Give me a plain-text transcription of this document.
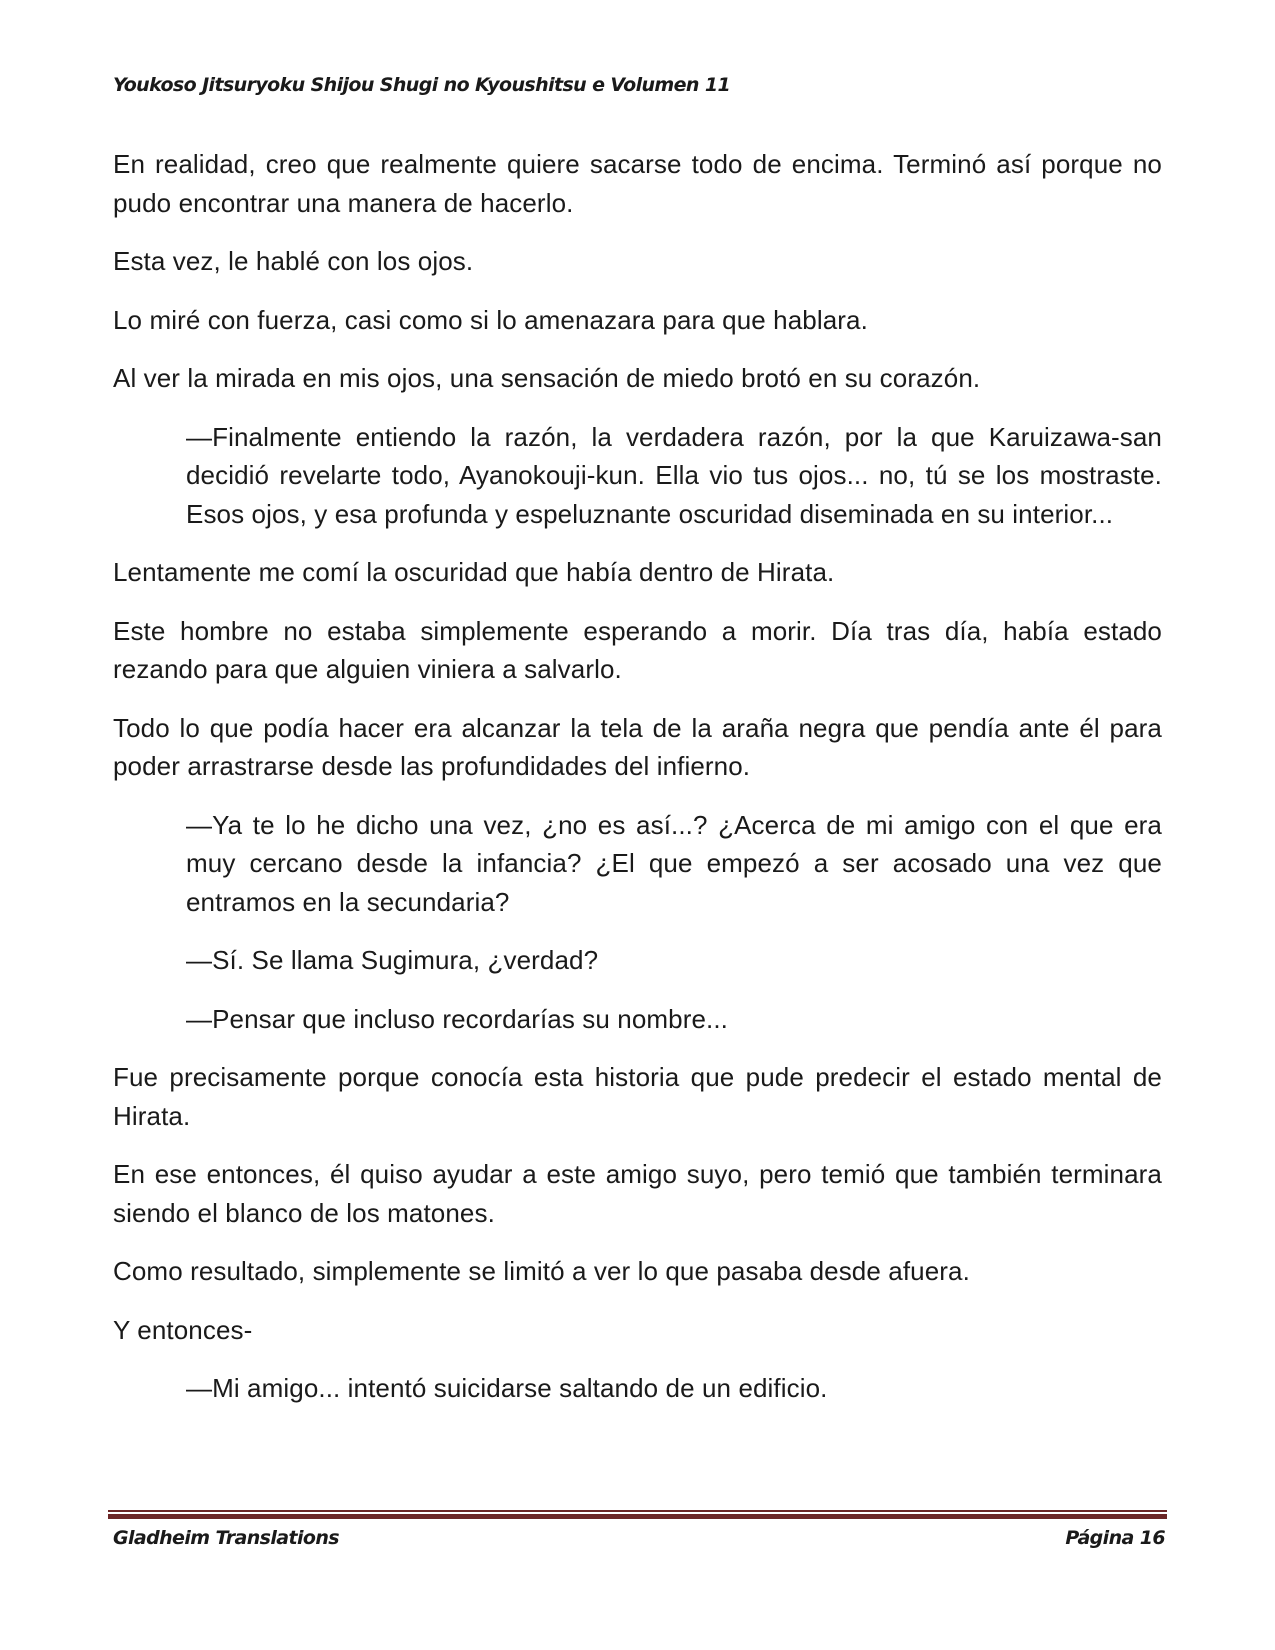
Youkoso Jitsuryoku Shijou Shugi no Kyoushitsu e Volumen 11

En realidad, creo que realmente quiere sacarse todo de encima. Terminó así porque no pudo encontrar una manera de hacerlo.

Esta vez, le hablé con los ojos.

Lo miré con fuerza, casi como si lo amenazara para que hablara.

Al ver la mirada en mis ojos, una sensación de miedo brotó en su corazón.

—Finalmente entiendo la razón, la verdadera razón, por la que Karuizawa-san decidió revelarte todo, Ayanokouji-kun. Ella vio tus ojos... no, tú se los mostraste. Esos ojos, y esa profunda y espeluznante oscuridad diseminada en su interior...

Lentamente me comí la oscuridad que había dentro de Hirata.

Este hombre no estaba simplemente esperando a morir. Día tras día, había estado rezando para que alguien viniera a salvarlo.

Todo lo que podía hacer era alcanzar la tela de la araña negra que pendía ante él para poder arrastrarse desde las profundidades del infierno.

—Ya te lo he dicho una vez, ¿no es así...? ¿Acerca de mi amigo con el que era muy cercano desde la infancia? ¿El que empezó a ser acosado una vez que entramos en la secundaria?

—Sí. Se llama Sugimura, ¿verdad?

—Pensar que incluso recordarías su nombre...

Fue precisamente porque conocía esta historia que pude predecir el estado mental de Hirata.

En ese entonces, él quiso ayudar a este amigo suyo, pero temió que también terminara siendo el blanco de los matones.

Como resultado, simplemente se limitó a ver lo que pasaba desde afuera.

Y entonces-

—Mi amigo... intentó suicidarse saltando de un edificio.

Gladheim Translations	Página 16
